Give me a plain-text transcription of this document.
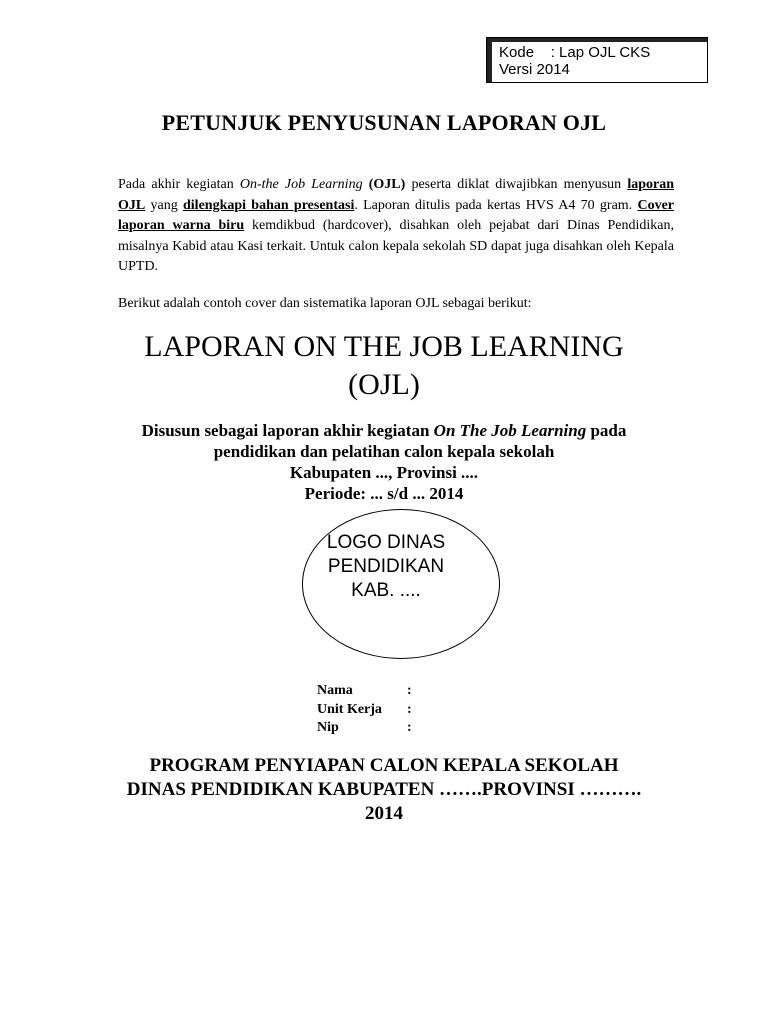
Kode    : Lap OJL CKS
Versi 2014
PETUNJUK PENYUSUNAN LAPORAN OJL
Pada akhir kegiatan On-the Job Learning (OJL) peserta diklat diwajibkan menyusun laporan OJL yang dilengkapi bahan presentasi. Laporan ditulis pada kertas HVS A4 70 gram. Cover laporan warna biru kemdikbud (hardcover), disahkan oleh pejabat dari Dinas Pendidikan, misalnya Kabid atau Kasi terkait. Untuk calon kepala sekolah SD dapat juga disahkan oleh Kepala UPTD.
Berikut adalah contoh cover dan sistematika laporan OJL sebagai berikut:
LAPORAN ON THE JOB LEARNING
(OJL)
Disusun sebagai laporan akhir kegiatan On The Job Learning pada
pendidikan dan pelatihan calon kepala sekolah
Kabupaten ..., Provinsi ....
Periode: ... s/d ... 2014
LOGO DINAS
PENDIDIKAN
KAB. ....
Nama	:
Unit Kerja	:
Nip	:
PROGRAM PENYIAPAN CALON KEPALA SEKOLAH
DINAS PENDIDIKAN KABUPATEN …….PROVINSI ……….
2014
